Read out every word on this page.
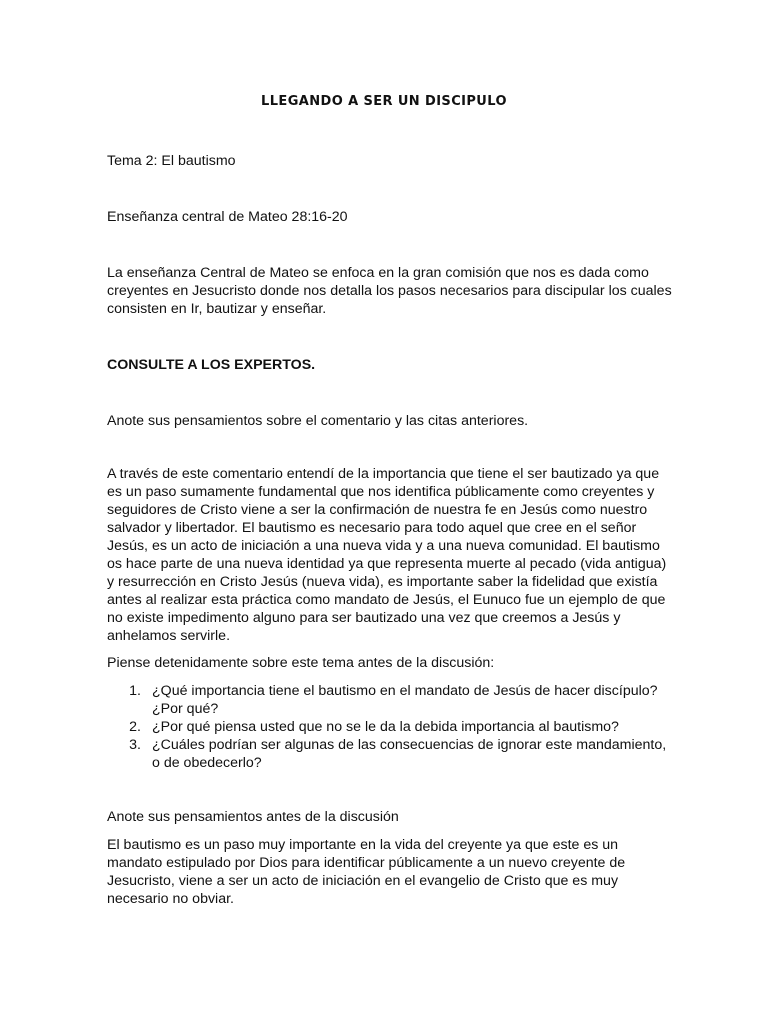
LLEGANDO A SER UN DISCIPULO

Tema 2: El bautismo

Enseñanza central de Mateo 28:16-20

La enseñanza Central de Mateo se enfoca en la gran comisión que nos es dada como

creyentes en Jesucristo donde nos detalla los pasos necesarios para discipular los cuales

consisten en Ir, bautizar y enseñar.

CONSULTE A LOS EXPERTOS.

Anote sus pensamientos sobre el comentario y las citas anteriores.

A través de este comentario entendí de la importancia que tiene el ser bautizado ya que

es un paso sumamente fundamental que nos identifica públicamente como creyentes y

seguidores de Cristo viene a ser la confirmación de nuestra fe en Jesús como nuestro

salvador y libertador. El bautismo es necesario para todo aquel que cree en el señor

Jesús, es un acto de iniciación a una nueva vida y a una nueva comunidad. El bautismo

os hace parte de una nueva identidad ya que representa muerte al pecado (vida antigua)

y resurrección en Cristo Jesús (nueva vida), es importante saber la fidelidad que existía

antes al realizar esta práctica como mandato de Jesús, el Eunuco fue un ejemplo de que

no existe impedimento alguno para ser bautizado una vez que creemos a Jesús y

anhelamos servirle.

Piense detenidamente sobre este tema antes de la discusión:

1. ¿Qué importancia tiene el bautismo en el mandato de Jesús de hacer discípulo?
¿Por qué?
2. ¿Por qué piensa usted que no se le da la debida importancia al bautismo?
3. ¿Cuáles podrían ser algunas de las consecuencias de ignorar este mandamiento,
o de obedecerlo?

Anote sus pensamientos antes de la discusión

El bautismo es un paso muy importante en la vida del creyente ya que este es un

mandato estipulado por Dios para identificar públicamente a un nuevo creyente de

Jesucristo, viene a ser un acto de iniciación en el evangelio de Cristo que es muy

necesario no obviar.
